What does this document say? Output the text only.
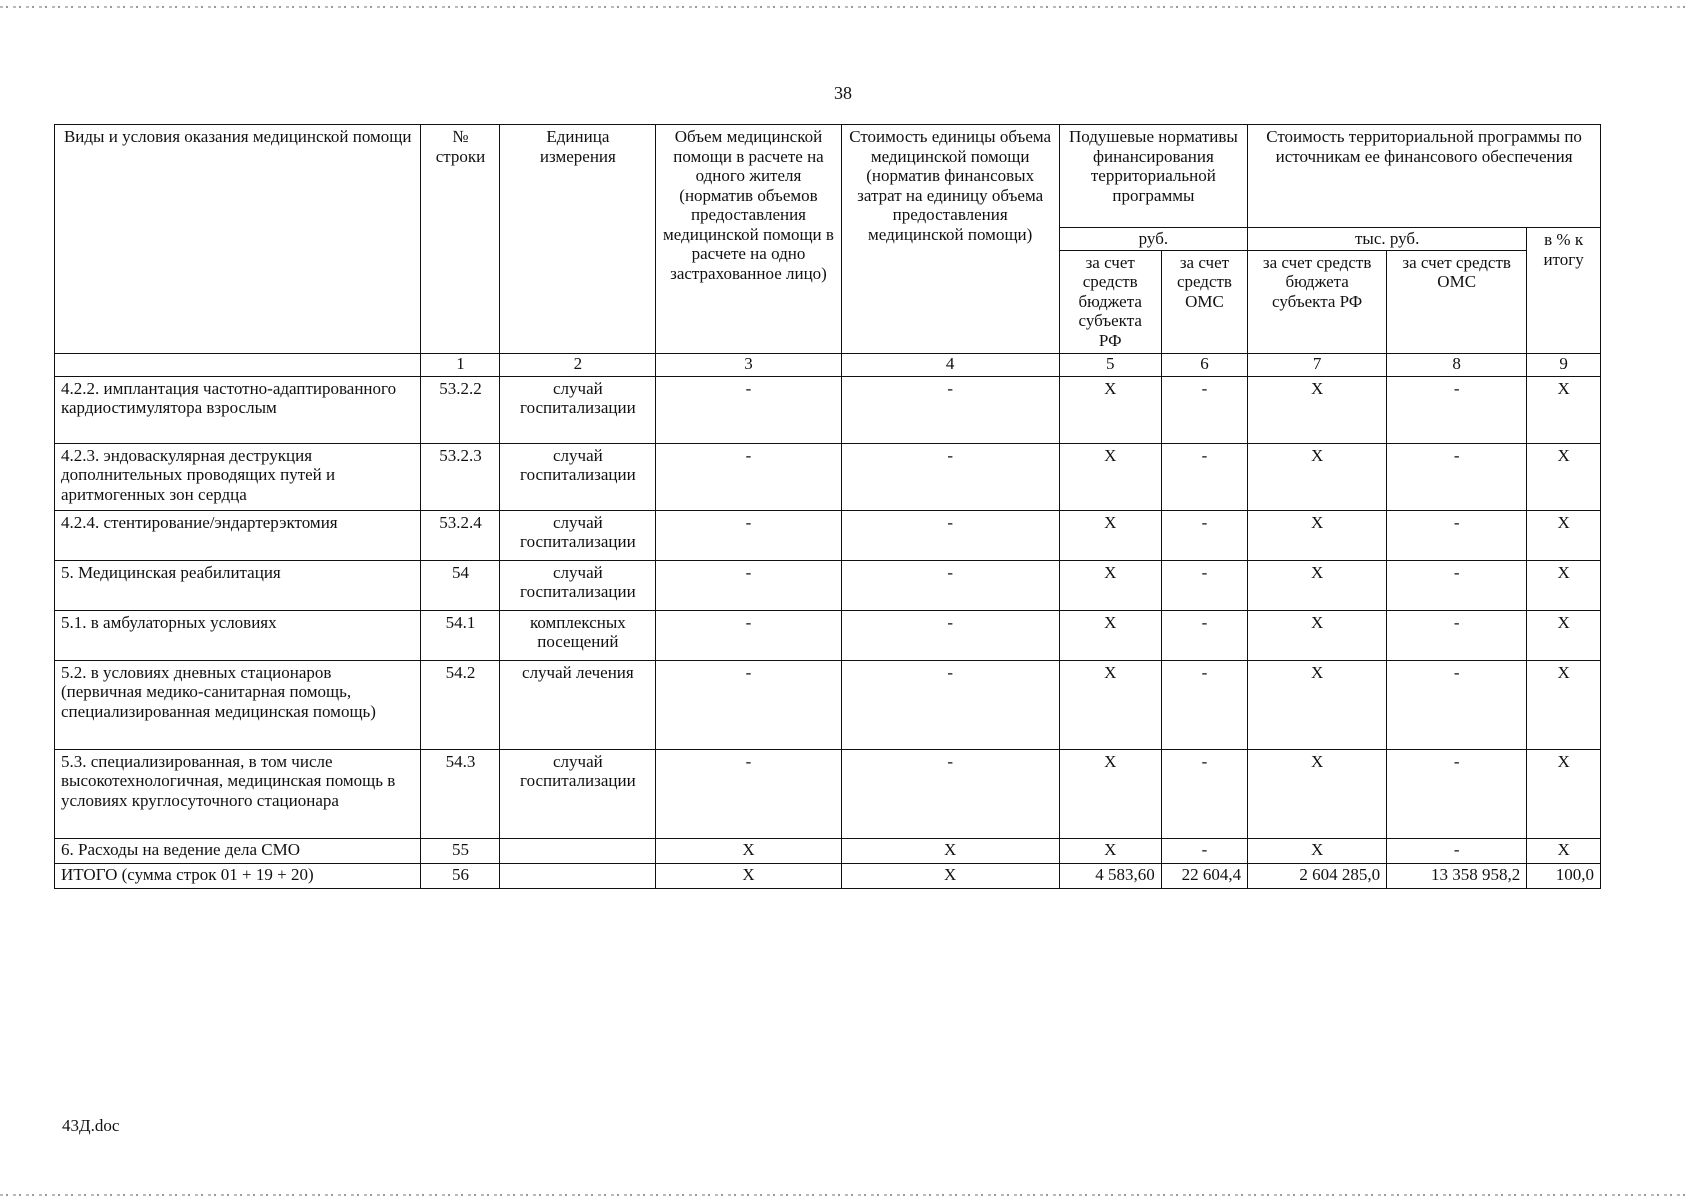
38
Виды и условия оказания медицинской помощи	№ строки	Единица измерения	Объем медицинской помощи в расчете на одного жителя (норматив объемов предоставления медицинской помощи в расчете на одно застрахованное лицо)	Стоимость единицы объема медицинской помощи (норматив финансовых затрат на единицу объема предоставления медицинской помощи)	Подушевые нормативы финансирования территориальной программы		Стоимость территориальной программы по источникам ее финансового обеспечения		
					руб.		тыс. руб.		в % к итогу
					за счет средств бюджета субъекта РФ	за счет средств ОМС	за счет средств бюджета субъекта РФ	за счет средств ОМС	
	1	2	3	4	5	6	7	8	9
4.2.2. имплантация частотно-адаптированного кардиостимулятора взрослым	53.2.2	случай госпитализации	-	-	X	-	X	-	X
4.2.3. эндоваскулярная деструкция дополнительных проводящих путей и аритмогенных зон сердца	53.2.3	случай госпитализации	-	-	X	-	X	-	X
4.2.4. стентирование/эндартерэктомия	53.2.4	случай госпитализации	-	-	X	-	X	-	X
5. Медицинская реабилитация	54	случай госпитализации	-	-	X	-	X	-	X
5.1. в амбулаторных условиях	54.1	комплексных посещений	-	-	X	-	X	-	X
5.2. в условиях дневных стационаров (первичная медико-санитарная помощь, специализированная медицинская помощь)	54.2	случай лечения	-	-	X	-	X	-	X
5.3. специализированная, в том числе высокотехнологичная, медицинская помощь в условиях круглосуточного стационара	54.3	случай госпитализации	-	-	X	-	X	-	X
6. Расходы на ведение дела СМО	55		X	X	X	-	X	-	X
ИТОГО (сумма строк 01 + 19 + 20)	56		X	X	4 583,60	22 604,4	2 604 285,0	13 358 958,2	100,0
43Д.doc
